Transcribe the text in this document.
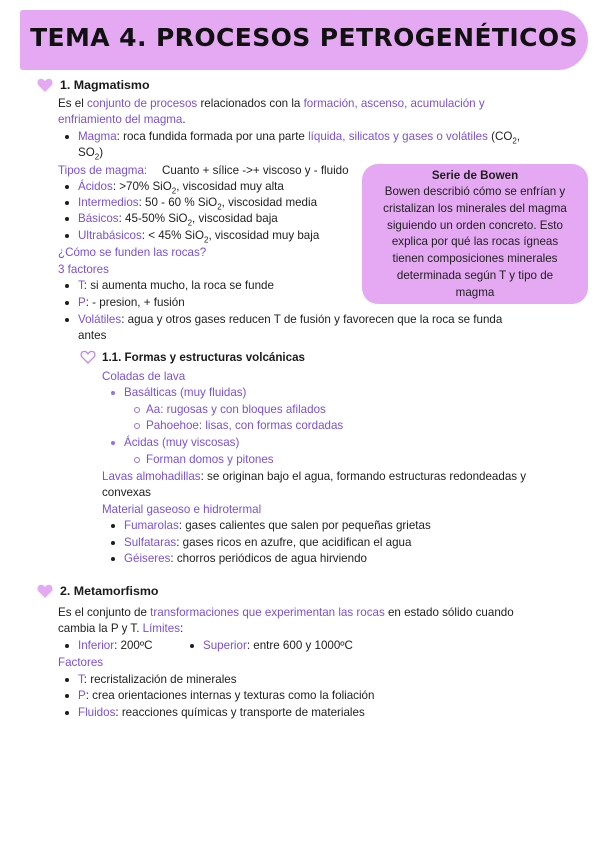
TEMA 4. PROCESOS PETROGENÉTICOS
1. Magmatismo
Es el conjunto de procesos relacionados con la formación, ascenso, acumulación y
enfriamiento del magma.
Magma: roca fundida formada por una parte líquida, silicatos y gases o volátiles ($CO_2$,
$SO_2$)
Tipos de magma: Cuanto + sílice ->+ viscoso y - fluido
Ácidos: >70% SiO$_2$, viscosidad muy alta
Intermedios: 50 - 60 % SiO$_2$, viscosidad media
Básicos: 45-50% SiO$_2$, viscosidad baja
Ultrabásicos: < 45% SiO$_2$, viscosidad muy baja
¿Cómo se funden las rocas?
3 factores
T: si aumenta mucho, la roca se funde
P: - presion, + fusión
Volátiles: agua y otros gases reducen T de fusión y favorecen que la roca se funda
antes
Serie de Bowen
Bowen describió cómo se enfrían y
cristalizan los minerales del magma
siguiendo un orden concreto. Esto
explica por qué las rocas ígneas
tienen composiciones minerales
determinada según T y tipo de
magma
1.1. Formas y estructuras volcánicas
Coladas de lava
Basálticas (muy fluidas)
Aa: rugosas y con bloques afilados
Pahoehoe: lisas, con formas cordadas
Ácidas (muy viscosas)
Forman domos y pitones
Lavas almohadillas: se originan bajo el agua, formando estructuras redondeadas y
convexas
Material gaseoso e hidrotermal
Fumarolas: gases calientes que salen por pequeñas grietas
Sulfataras: gases ricos en azufre, que acidifican el agua
Géiseres: chorros periódicos de agua hirviendo
2. Metamorfismo
Es el conjunto de transformaciones que experimentan las rocas en estado sólido cuando
cambia la P y T. Límites:
Inferior: 200ºC	Superior: entre 600 y 1000ºC
Factores
T: recristalización de minerales
P: crea orientaciones internas y texturas como la foliación
Fluidos: reacciones químicas y transporte de materiales
